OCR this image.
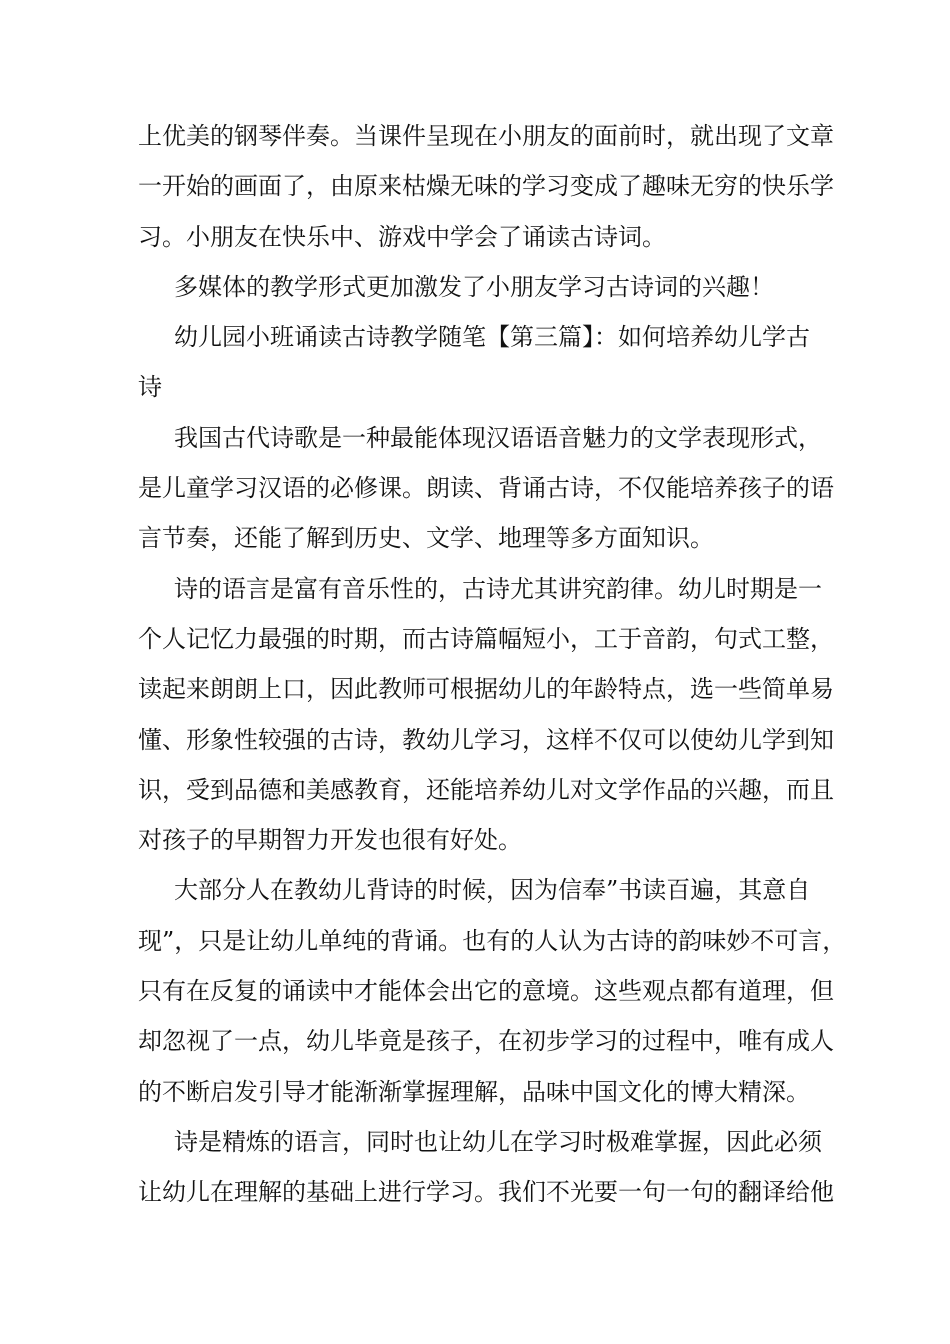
上优美的钢琴伴奏。当课件呈现在小朋友的面前时，就出现了文章
一开始的画面了，由原来枯燥无味的学习变成了趣味无穷的快乐学
习。小朋友在快乐中、游戏中学会了诵读古诗词。
多媒体的教学形式更加激发了小朋友学习古诗词的兴趣！
幼儿园小班诵读古诗教学随笔【第三篇】：如何培养幼儿学古
诗
我国古代诗歌是一种最能体现汉语语音魅力的文学表现形式，
是儿童学习汉语的必修课。朗读、背诵古诗，不仅能培养孩子的语
言节奏，还能了解到历史、文学、地理等多方面知识。
诗的语言是富有音乐性的，古诗尤其讲究韵律。幼儿时期是一
个人记忆力最强的时期，而古诗篇幅短小，工于音韵，句式工整，
读起来朗朗上口，因此教师可根据幼儿的年龄特点，选一些简单易
懂、形象性较强的古诗，教幼儿学习，这样不仅可以使幼儿学到知
识，受到品德和美感教育，还能培养幼儿对文学作品的兴趣，而且
对孩子的早期智力开发也很有好处。
大部分人在教幼儿背诗的时候，因为信奉”书读百遍，其意自
现”，只是让幼儿单纯的背诵。也有的人认为古诗的韵味妙不可言，
只有在反复的诵读中才能体会出它的意境。这些观点都有道理，但
却忽视了一点，幼儿毕竟是孩子，在初步学习的过程中，唯有成人
的不断启发引导才能渐渐掌握理解，品味中国文化的博大精深。
诗是精炼的语言，同时也让幼儿在学习时极难掌握，因此必须
让幼儿在理解的基础上进行学习。我们不光要一句一句的翻译给他
